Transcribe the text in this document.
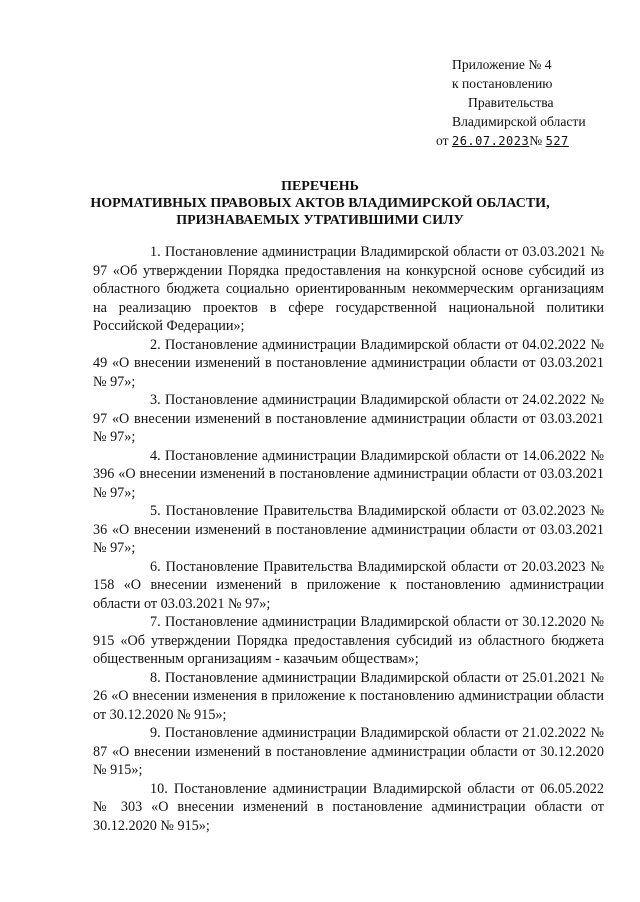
Приложение № 4
к постановлению
Правительства
Владимирской области
от 26.07.2023№ 527
ПЕРЕЧЕНЬ
НОРМАТИВНЫХ ПРАВОВЫХ АКТОВ ВЛАДИМИРСКОЙ ОБЛАСТИ,
ПРИЗНАВАЕМЫХ УТРАТИВШИМИ СИЛУ

1. Постановление администрации Владимирской области от 03.03.2021 № 97 «Об утверждении Порядка предоставления на конкурсной основе субсидий из областного бюджета социально ориентированным некоммерческим организациям на реализацию проектов в сфере государственной национальной политики Российской Федерации»;

2. Постановление администрации Владимирской области от 04.02.2022 № 49 «О внесении изменений в постановление администрации области от 03.03.2021 № 97»;

3. Постановление администрации Владимирской области от 24.02.2022 № 97 «О внесении изменений в постановление администрации области от 03.03.2021 № 97»;

4. Постановление администрации Владимирской области от 14.06.2022 № 396 «О внесении изменений в постановление администрации области от 03.03.2021 № 97»;

5. Постановление Правительства Владимирской области от 03.02.2023 № 36 «О внесении изменений в постановление администрации области от 03.03.2021 № 97»;

6. Постановление Правительства Владимирской области от 20.03.2023 № 158 «О внесении изменений в приложение к постановлению администрации области от 03.03.2021 № 97»;

7. Постановление администрации Владимирской области от 30.12.2020 № 915 «Об утверждении Порядка предоставления субсидий из областного бюджета общественным организациям - казачьим обществам»;

8. Постановление администрации Владимирской области от 25.01.2021 № 26 «О внесении изменения в приложение к постановлению администрации области от 30.12.2020 № 915»;

9. Постановление администрации Владимирской области от 21.02.2022 № 87 «О внесении изменений в постановление администрации области от 30.12.2020 № 915»;

10. Постановление администрации Владимирской области от 06.05.2022 № 303 «О внесении изменений в постановление администрации области от 30.12.2020 № 915»;
